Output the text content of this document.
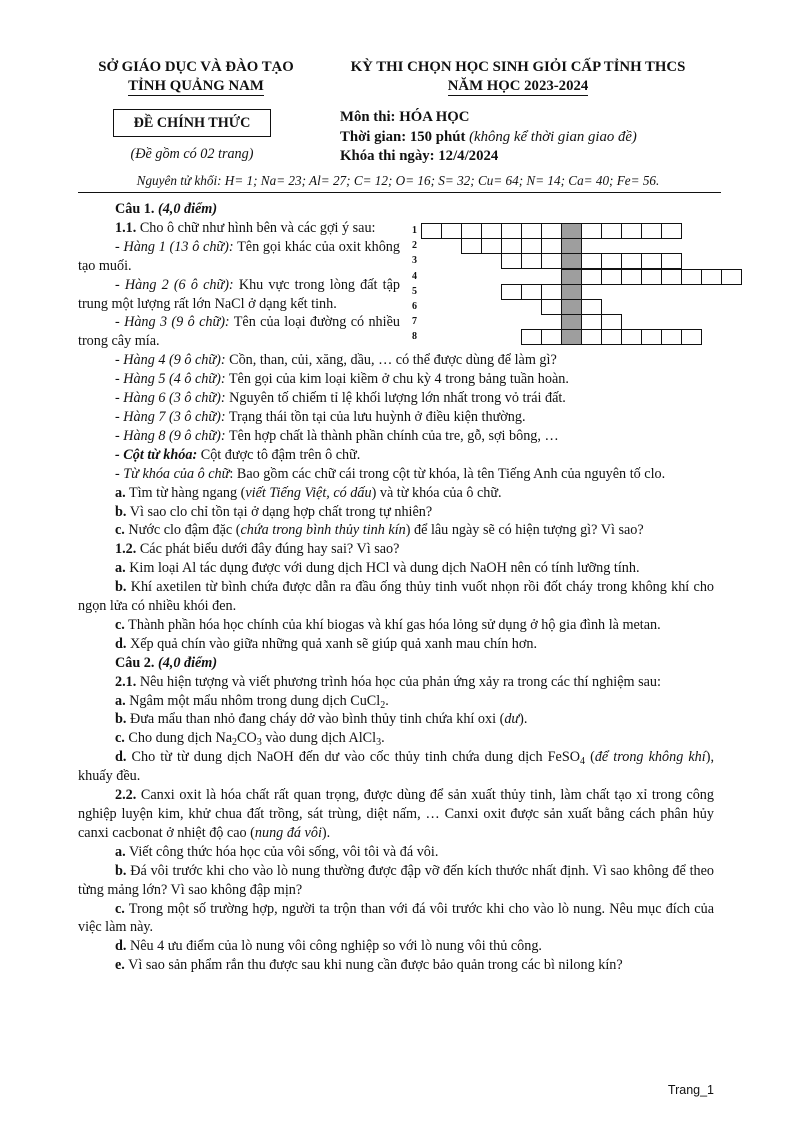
SỞ GIÁO DỤC VÀ ĐÀO TẠO
TỈNH QUẢNG NAM
KỲ THI CHỌN HỌC SINH GIỎI CẤP TỈNH THCS
NĂM HỌC 2023-2024
ĐỀ CHÍNH THỨC
(Đề gồm có 02 trang)
Môn thi: HÓA HỌC
Thời gian: 150 phút (không kể thời gian giao đề)
Khóa thi ngày: 12/4/2024
Nguyên tử khối: H= 1; Na= 23; Al= 27; C= 12; O= 16; S= 32; Cu= 64; N= 14; Ca= 40; Fe= 56.
1
2
3
4
5
6
7
8

Câu 1. (4,0 điểm)

1.1. Cho ô chữ như hình bên và các gợi ý sau:

- Hàng 1 (13 ô chữ): Tên gọi khác của oxit không tạo muối.

- Hàng 2 (6 ô chữ): Khu vực trong lòng đất tập trung một lượng rất lớn NaCl ở dạng kết tinh.

- Hàng 3 (9 ô chữ): Tên của loại đường có nhiều trong cây mía.

- Hàng 4 (9 ô chữ): Cồn, than, củi, xăng, dầu, … có thể được dùng để làm gì?

- Hàng 5 (4 ô chữ): Tên gọi của kim loại kiềm ở chu kỳ 4 trong bảng tuần hoàn.

- Hàng 6 (3 ô chữ): Nguyên tố chiếm tỉ lệ khối lượng lớn nhất trong vỏ trái đất.

- Hàng 7 (3 ô chữ): Trạng thái tồn tại của lưu huỳnh ở điều kiện thường.

- Hàng 8 (9 ô chữ): Tên hợp chất là thành phần chính của tre, gỗ, sợi bông, …

- Cột từ khóa: Cột được tô đậm trên ô chữ.

- Từ khóa của ô chữ: Bao gồm các chữ cái trong cột từ khóa, là tên Tiếng Anh của nguyên tố clo.

a. Tìm từ hàng ngang (viết Tiếng Việt, có dấu) và từ khóa của ô chữ.

b. Vì sao clo chỉ tồn tại ở dạng hợp chất trong tự nhiên?

c. Nước clo đậm đặc (chứa trong bình thủy tinh kín) để lâu ngày sẽ có hiện tượng gì? Vì sao?

1.2. Các phát biểu dưới đây đúng hay sai? Vì sao?

a. Kim loại Al tác dụng được với dung dịch HCl và dung dịch NaOH nên có tính lưỡng tính.

b. Khí axetilen từ bình chứa được dẫn ra đầu ống thủy tinh vuốt nhọn rồi đốt cháy trong không khí cho ngọn lửa có nhiều khói đen.

c. Thành phần hóa học chính của khí biogas và khí gas hóa lỏng sử dụng ở hộ gia đình là metan.

d. Xếp quả chín vào giữa những quả xanh sẽ giúp quả xanh mau chín hơn.

Câu 2. (4,0 điểm)

2.1. Nêu hiện tượng và viết phương trình hóa học của phản ứng xảy ra trong các thí nghiệm sau:

a. Ngâm một mẩu nhôm trong dung dịch CuCl$_2$.

b. Đưa mẩu than nhỏ đang cháy dở vào bình thủy tinh chứa khí oxi (dư).

c. Cho dung dịch $Na_2CO_3$ vào dung dịch AlCl$_3$.

d. Cho từ từ dung dịch NaOH đến dư vào cốc thủy tinh chứa dung dịch FeSO$_4$ (để trong không khí), khuấy đều.

2.2. Canxi oxit là hóa chất rất quan trọng, được dùng để sản xuất thủy tinh, làm chất tạo xỉ trong công nghiệp luyện kim, khử chua đất trồng, sát trùng, diệt nấm, … Canxi oxit được sản xuất bằng cách phân hủy canxi cacbonat ở nhiệt độ cao (nung đá vôi).

a. Viết công thức hóa học của vôi sống, vôi tôi và đá vôi.

b. Đá vôi trước khi cho vào lò nung thường được đập vỡ đến kích thước nhất định. Vì sao không để theo từng mảng lớn? Vì sao không đập mịn?

c. Trong một số trường hợp, người ta trộn than với đá vôi trước khi cho vào lò nung. Nêu mục đích của việc làm này.

d. Nêu 4 ưu điểm của lò nung vôi công nghiệp so với lò nung vôi thủ công.

e. Vì sao sản phẩm rắn thu được sau khi nung cần được bảo quản trong các bì nilong kín?

Trang_1
